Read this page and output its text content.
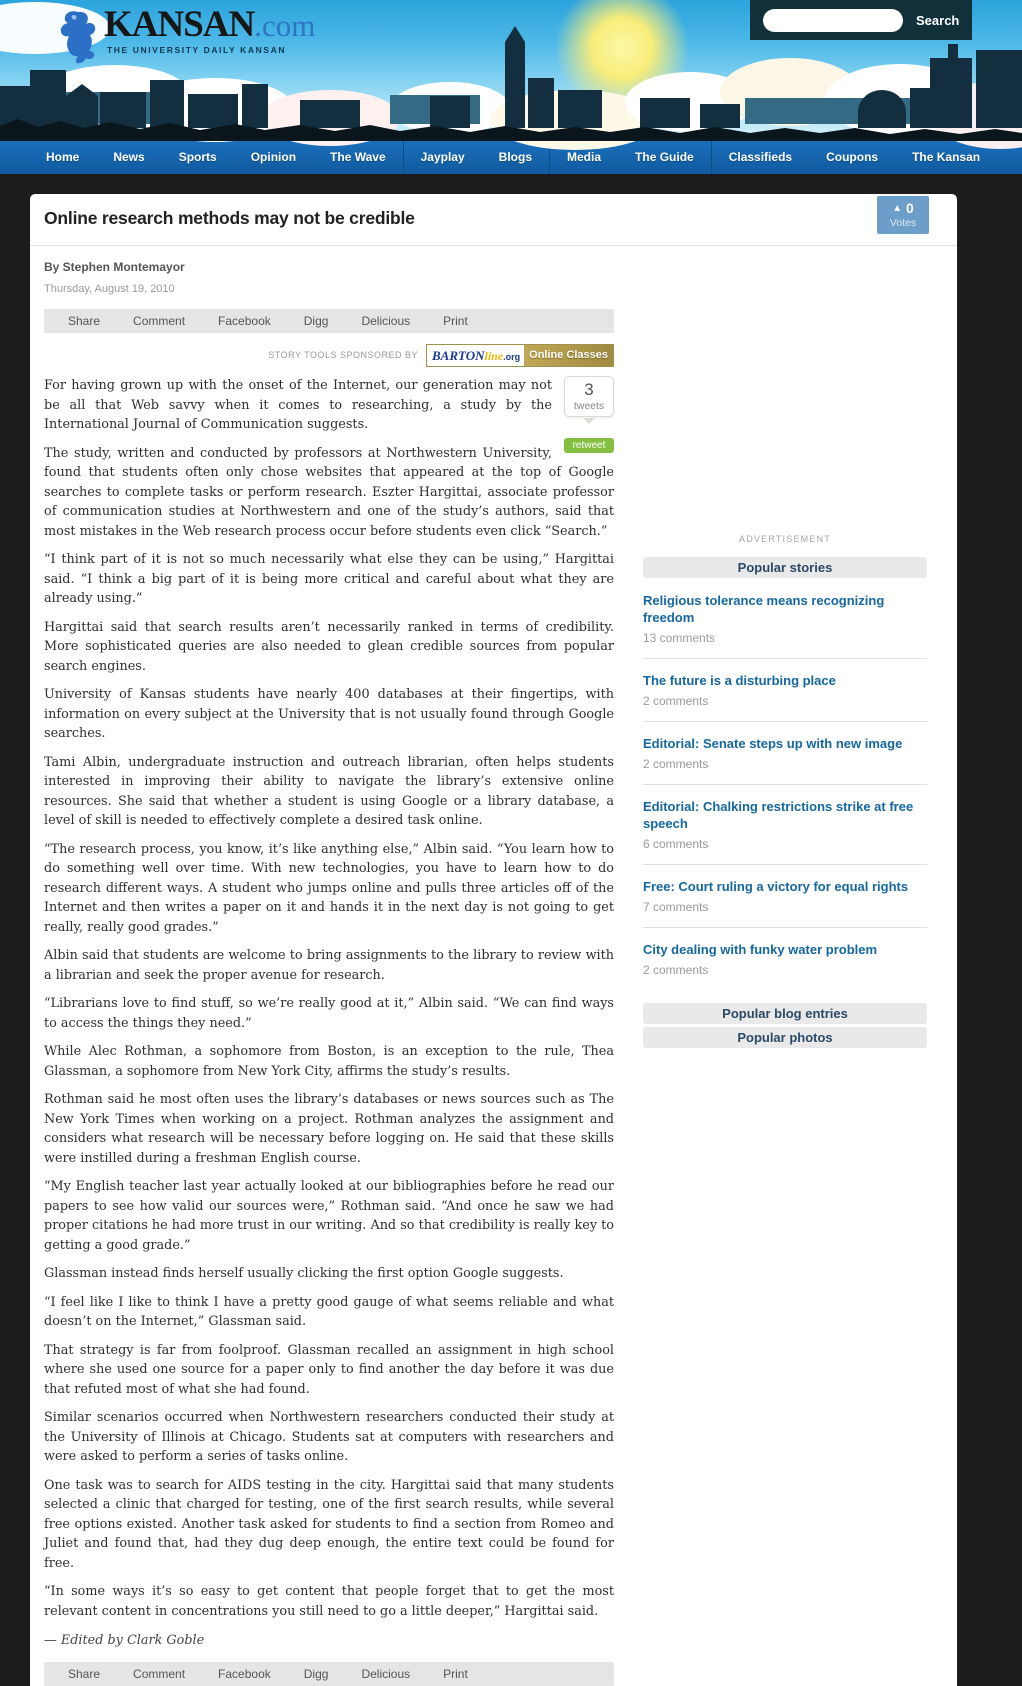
KANSAN.com
THE UNIVERSITY DAILY KANSAN
Search
Home	News	Sports	Opinion	The Wave	Jayplay	Blogs	Media	The Guide	Classifieds	Coupons	The Kansan
▲ 0
Votes
Online research methods may not be credible
By Stephen Montemayor
Thursday, August 19, 2010
Share	Comment	Facebook	Digg	Delicious	Print
STORY TOOLS SPONSORED BY	BARTONline.org Online Classes
3
tweets
retweet

For having grown up with the onset of the Internet, our generation may not be all that Web savvy when it comes to researching, a study by the International Journal of Communication suggests.

The study, written and conducted by professors at Northwestern University, found that students often only chose websites that appeared at the top of Google searches to complete tasks or perform research. Eszter Hargittai, associate professor of communication studies at Northwestern and one of the study’s authors, said that most mistakes in the Web research process occur before students even click “Search.”

“I think part of it is not so much necessarily what else they can be using,” Hargittai said. “I think a big part of it is being more critical and careful about what they are already using.”

Hargittai said that search results aren’t necessarily ranked in terms of credibility. More sophisticated queries are also needed to glean credible sources from popular search engines.

University of Kansas students have nearly 400 databases at their fingertips, with information on every subject at the University that is not usually found through Google searches.

Tami Albin, undergraduate instruction and outreach librarian, often helps students interested in improving their ability to navigate the library’s extensive online resources. She said that whether a student is using Google or a library database, a level of skill is needed to effectively complete a desired task online.

“The research process, you know, it’s like anything else,” Albin said. “You learn how to do something well over time. With new technologies, you have to learn how to do research different ways. A student who jumps online and pulls three articles off of the Internet and then writes a paper on it and hands it in the next day is not going to get really, really good grades.”

Albin said that students are welcome to bring assignments to the library to review with a librarian and seek the proper avenue for research.

“Librarians love to find stuff, so we’re really good at it,” Albin said. “We can find ways to access the things they need.”

While Alec Rothman, a sophomore from Boston, is an exception to the rule, Thea Glassman, a sophomore from New York City, affirms the study’s results.

Rothman said he most often uses the library’s databases or news sources such as The New York Times when working on a project. Rothman analyzes the assignment and considers what research will be necessary before logging on. He said that these skills were instilled during a freshman English course.

“My English teacher last year actually looked at our bibliographies before he read our papers to see how valid our sources were,” Rothman said. “And once he saw we had proper citations he had more trust in our writing. And so that credibility is really key to getting a good grade.”

Glassman instead finds herself usually clicking the first option Google suggests.

“I feel like I like to think I have a pretty good gauge of what seems reliable and what doesn’t on the Internet,” Glassman said.

That strategy is far from foolproof. Glassman recalled an assignment in high school where she used one source for a paper only to find another the day before it was due that refuted most of what she had found.

Similar scenarios occurred when Northwestern researchers conducted their study at the University of Illinois at Chicago. Students sat at computers with researchers and were asked to perform a series of tasks online.

One task was to search for AIDS testing in the city. Hargittai said that many students selected a clinic that charged for testing, one of the first search results, while several free options existed. Another task asked for students to find a section from Romeo and Juliet and found that, had they dug deep enough, the entire text could be found for free.

“In some ways it’s so easy to get content that people forget that to get the most relevant content in concentrations you still need to go a little deeper,” Hargittai said.

— Edited by Clark Goble

Share	Comment	Facebook	Digg	Delicious	Print
ADVERTISEMENT
Popular stories
Religious tolerance means recognizing freedom
13 comments
The future is a disturbing place
2 comments
Editorial: Senate steps up with new image
2 comments
Editorial: Chalking restrictions strike at free speech
6 comments
Free: Court ruling a victory for equal rights
7 comments
City dealing with funky water problem
2 comments
Popular blog entries
Popular photos
